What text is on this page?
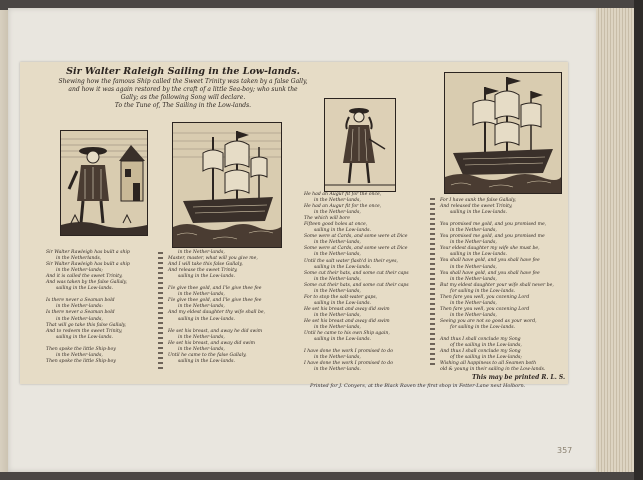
Sir Walter Raleigh Sailing in the Low-lands.
Shewing how the famous Ship called the Sweet Trinity was taken by a false Gally,
and how it was again restored by the craft of a little Sea-boy; who sunk the
Gally; as the following Song will declare.
To the Tune of, The Sailing in the Low-lands.
Sir Walter Rawleigh has built a ship
in the Netherlands,
Sir Walter Rawleigh has built a ship
in the Nether-lands;
And it is called the sweet Trinity,
And was taken by the false Gallaly,
sailing in the Low-lands.

Is there never a Seaman bold
in the Nether-lands:
Is there never a Seaman bold
in the Nether-lands,
That will go take this false Gallaly,
And to redeem the sweet Trinity,
sailing in the Low-lands.

Then spoke the little Ship-boy
in the Nether-lands,
Then spoke the little Ship-boy
in the Nether-lands,
Master, master, what will you give me,
And I will take this false Gallaly,
And release the sweet Trinity,
sailing in the Low-lands.

I'le give thee gold, and I'le give thee fee
in the Nether-lands,
I'le give thee gold, and I'le give thee fee
in the Nether-lands,
And my eldest daughter thy wife shall be,
sailing in the Low-lands.

He set his breast, and away he did swim
in the Nether-lands,
He set his breast, and away did swim
in the Nether-lands,
Until he came to the false Gallaly,
sailing in the Low-lands.
He had an Augur fit for the once,
in the Nether-lands,
He had an Augur fit for the once,
in the Nether-lands,
The which will bore
Fifteen good holes at once,
sailing in the Low-lands.
Some were at Cards, and some were at Dice
in the Nether-lands,
Some were at Cards, and some were at Dice
in the Nether-lands,
Until the salt water flash'd in their eyes,
sailing in the Low-lands.
Some cut their hats, and some cut their caps
in the Nether-lands,
Some cut their hats, and some cut their caps
in the Nether-lands,
For to stop the salt-water gaps,
sailing in the Low-lands.
He set his breast and away did swim
in the Nether-lands,
He set his breast and away did swim
in the Nether-lands,
Until he came to his own Ship again,
sailing in the Low-lands.

I have done the work I promised to do
in the Nether-lands,
I have done the work I promised to do
in the Nether-lands.
For I have sunk the false Gallaly,
And released the sweet Trinity,
sailing in the Low-lands.

You promised me gold, and you promised me,
in the Nether-lands,
You promised me gold, and you promised me
in the Nether-lands,
Your eldest daughter my wife she must be,
sailing in the Low-lands.
You shall have gold, and you shall have fee
in the Nether-lands,
You shall have gold, and you shall have fee
in the Nether-lands,
But my eldest daughter your wife shall never be,
for sailing in the Low-lands.
Then fare you well, you cozening Lord
in the Nether-lands,
Then fare you well, you cozening Lord
in the Nether-lands,
Seeing you are not so good as your word,
for sailing in the Low-lands.

And thus I shall conclude my Song
of the sailing in the Low-lands,
And thus I shall conclude my Song
of the sailing in the Low-lands;
Wishing all happiness to all Seamen both
old & young in their sailing in the Low-lands.
This may be printed R. L. S.
Printed for J. Conyers, at the Black Raven the first shop in Fetter-Lane next Holborn.
357
